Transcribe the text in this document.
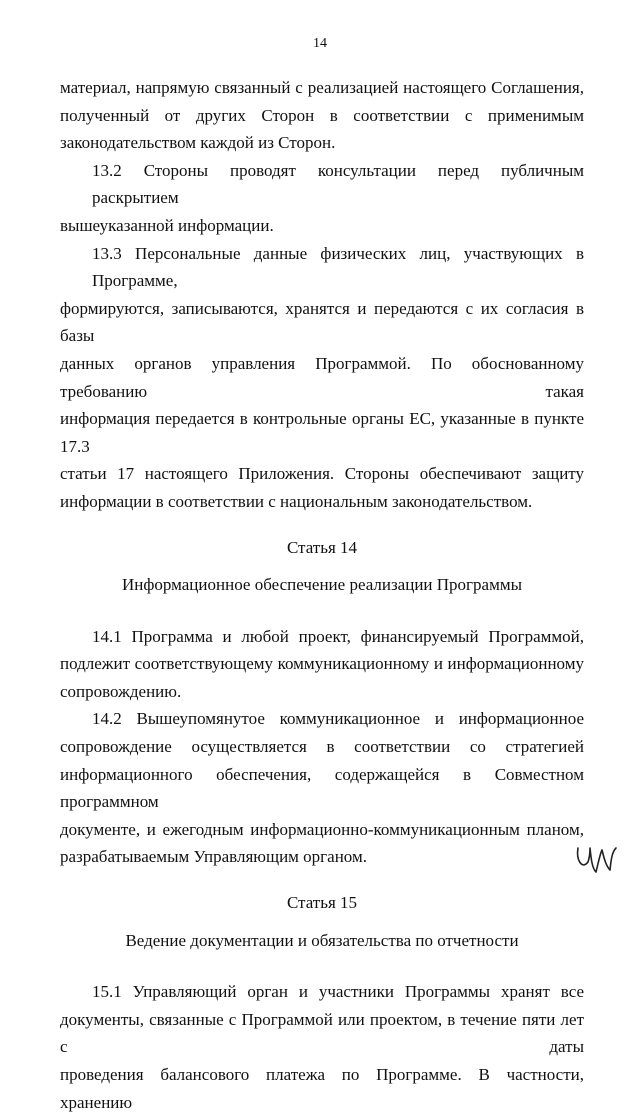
14
материал, напрямую связанный с реализацией настоящего Соглашения,
полученный от других Сторон в соответствии с применимым
законодательством каждой из Сторон.
13.2 Стороны проводят консультации перед публичным раскрытием
вышеуказанной информации.
13.3 Персональные данные физических лиц, участвующих в Программе,
формируются, записываются, хранятся и передаются с их согласия в базы
данных органов управления Программой. По обоснованному требованию такая
информация передается в контрольные органы ЕС, указанные в пункте 17.3
статьи 17 настоящего Приложения. Стороны обеспечивают защиту
информации в соответствии с национальным законодательством.
Статья 14
Информационное обеспечение реализации Программы
14.1 Программа и любой проект, финансируемый Программой,
подлежит соответствующему коммуникационному и информационному
сопровождению.
14.2 Вышеупомянутое коммуникационное и информационное
сопровождение осуществляется в соответствии со стратегией
информационного обеспечения, содержащейся в Совместном программном
документе, и ежегодным информационно-коммуникационным планом,
разрабатываемым Управляющим органом.
Статья 15
Ведение документации и обязательства по отчетности
15.1 Управляющий орган и участники Программы хранят все
документы, связанные с Программой или проектом, в течение пяти лет с даты
проведения балансового платежа по Программе. В частности, хранению
